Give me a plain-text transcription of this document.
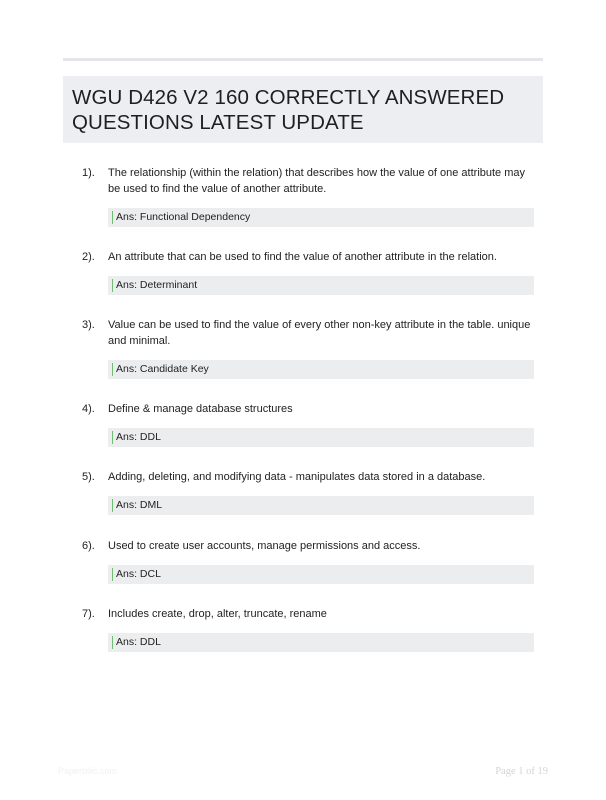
WGU D426 V2 160 CORRECTLY ANSWERED
QUESTIONS LATEST UPDATE
1). The relationship (within the relation) that describes how the value of one attribute may be used to find the value of another attribute.
Ans: Functional Dependency
2). An attribute that can be used to find the value of another attribute in the relation.
Ans: Determinant
3). Value can be used to find the value of every other non-key attribute in the table. unique and minimal.
Ans: Candidate Key
4). Define & manage database structures
Ans: DDL
5). Adding, deleting, and modifying data - manipulates data stored in a database.
Ans: DML
6). Used to create user accounts, manage permissions and access.
Ans: DCL
7). Includes create, drop, alter, truncate, rename
Ans: DDL
Paperbliic.com	Page 1 of 19
